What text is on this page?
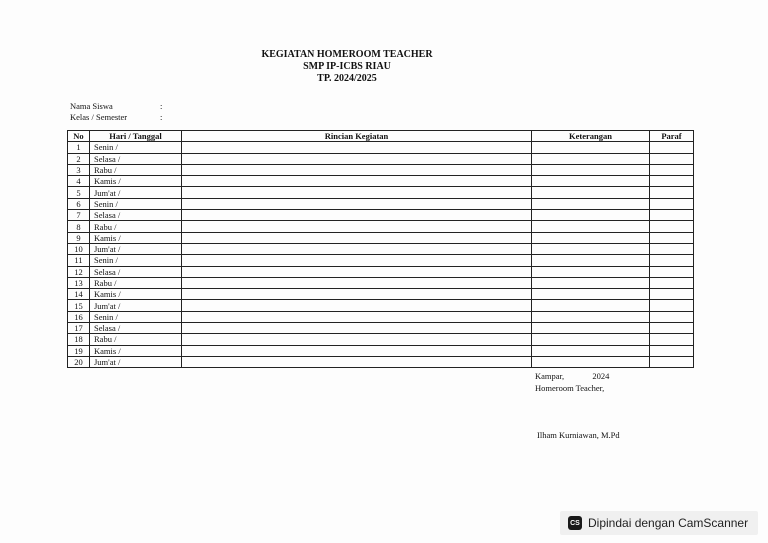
KEGIATAN HOMEROOM TEACHER
SMP IP-ICBS RIAU
TP. 2024/2025
Nama Siswa	:
Kelas / Semester	:
No	Hari / Tanggal	Rincian Kegiatan	Keterangan	Paraf
1	Senin /			
2	Selasa /			
3	Rabu /			
4	Kamis /			
5	Jum'at /			
6	Senin /			
7	Selasa /			
8	Rabu /			
9	Kamis /			
10	Jum'at /			
11	Senin /			
12	Selasa /			
13	Rabu /			
14	Kamis /			
15	Jum'at /			
16	Senin /			
17	Selasa /			
18	Rabu /			
19	Kamis /			
20	Jum'at /			
Kampar,	2024
Homeroom Teacher,
Ilham Kurniawan, M.Pd
CS Dipindai dengan CamScanner
